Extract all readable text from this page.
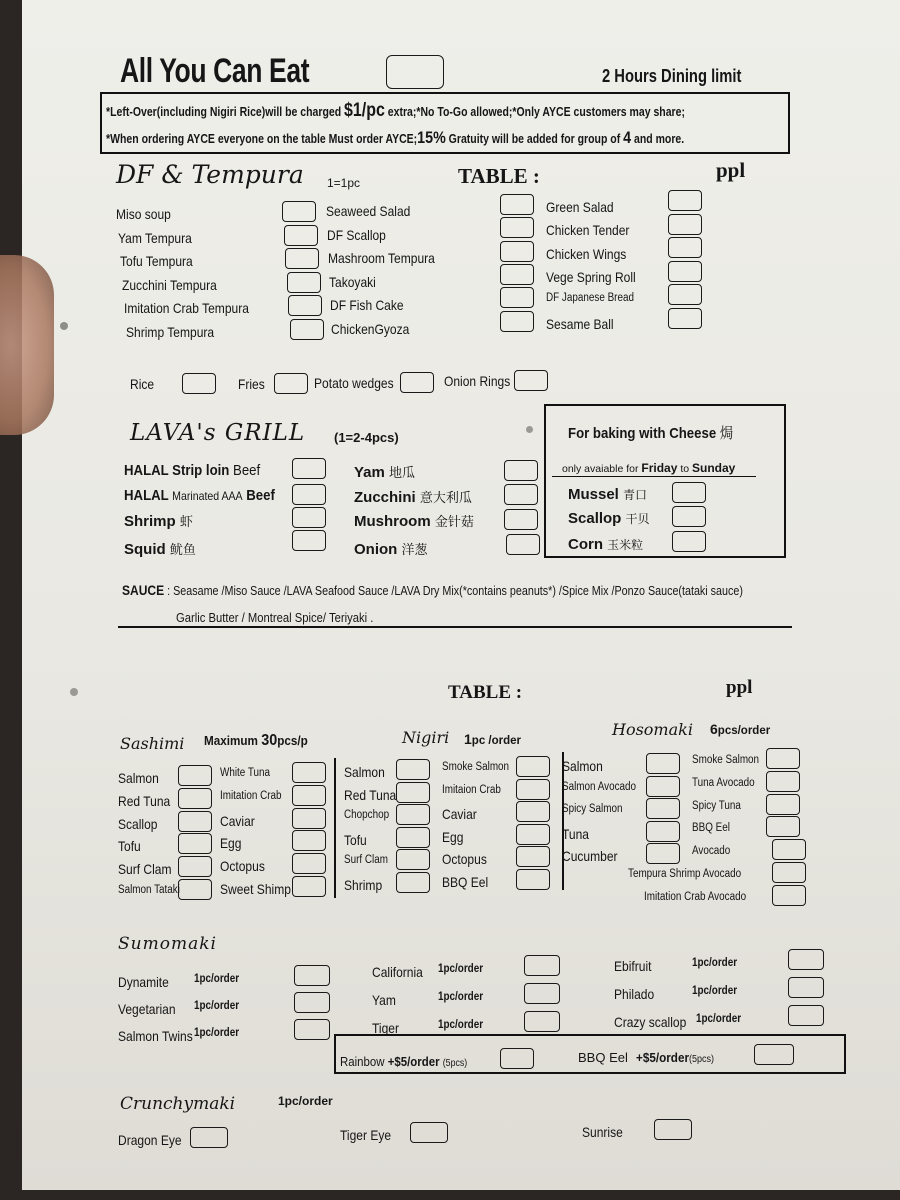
All You Can Eat	2 Hours Dining limit
*Left-Over(including Nigiri Rice)will be charged $1/pc extra;*No To-Go allowed;*Only AYCE customers may share;
*When ordering AYCE everyone on the table Must order AYCE;15% Gratuity will be added for group of 4 and more.
DF & Tempura 1=1pc	TABLE :	ppl
Miso soup
Yam Tempura
Tofu Tempura
Zucchini Tempura
Imitation Crab Tempura
Shrimp Tempura
Seaweed Salad
DF Scallop
Mashroom Tempura
Takoyaki
DF Fish Cake
ChickenGyoza
Green Salad
Chicken Tender
Chicken Wings
Vege Spring Roll
DF Japanese Bread
Sesame Ball
Rice	Fries	Potato wedges	Onion Rings
LAVA's GRILL (1=2-4pcs)
HALAL Strip loin Beef
HALAL Marinated AAA Beef
Shrimp 虾
Squid 鱿鱼
Yam 地瓜
Zucchini 意大利瓜
Mushroom 金针菇
Onion 洋葱
For baking with Cheese 焗
only avaiable for Friday to Sunday
Mussel 青口
Scallop 干贝
Corn 玉米粒
SAUCE : Seasame /Miso Sauce /LAVA Seafood Sauce /LAVA Dry Mix(*contains peanuts*) /Spice Mix /Ponzo Sauce(tataki sauce)
Garlic Butter / Montreal Spice/ Teriyaki .
TABLE :	ppl
Sashimi Maximum 30pcs/p
Salmon
Red Tuna
Scallop
Tofu
Surf Clam
Salmon Tataki
White Tuna
Imitation Crab
Caviar
Egg
Octopus
Sweet Shimp
Nigiri 1pc /order
Salmon
Red Tuna
Chopchop
Tofu
Surf Clam
Shrimp
Smoke Salmon
Imitaion Crab
Caviar
Egg
Octopus
BBQ Eel
Hosomaki 6pcs/order
Salmon
Salmon Avocado
Spicy Salmon
Tuna
Cucumber
Smoke Salmon
Tuna Avocado
Spicy Tuna
BBQ Eel
Avocado
Tempura Shrimp Avocado
Imitation Crab Avocado
Sumomaki
Dynamite 1pc/order
Vegetarian 1pc/order
Salmon Twins 1pc/order
California 1pc/order
Yam	1pc/order
Tiger	1pc/order
Ebifruit	1pc/order
Philado	1pc/order
Crazy scallop 1pc/order
Rainbow +$5/order (5pcs)	BBQ Eel +$5/order(5pcs)
Crunchymaki	1pc/order
Dragon Eye	Tiger Eye	Sunrise
